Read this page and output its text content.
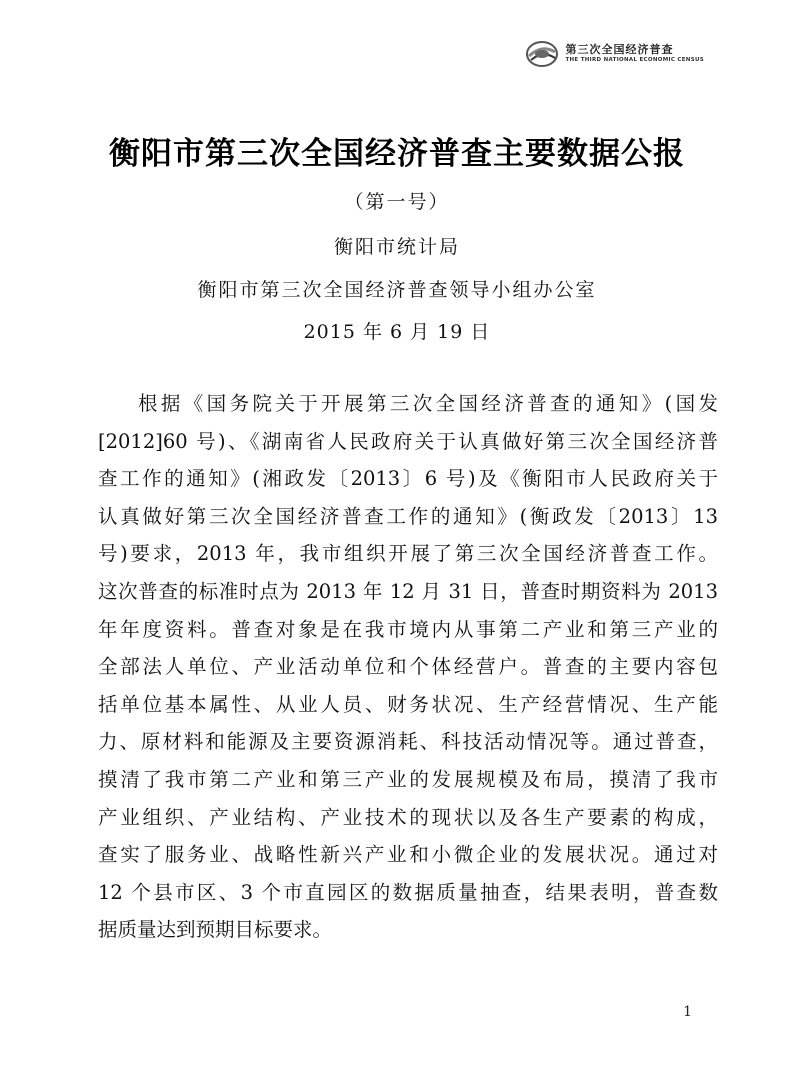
第三次全国经济普查
THE THIRD NATIONAL ECONOMIC CENSUS
衡阳市第三次全国经济普查主要数据公报
（第一号）
衡阳市统计局
衡阳市第三次全国经济普查领导小组办公室
2015 年 6 月 19 日
根据《国务院关于开展第三次全国经济普查的通知》(国发
[2012]60 号)、《湖南省人民政府关于认真做好第三次全国经济普
查工作的通知》(湘政发〔2013〕6 号)及《衡阳市人民政府关于
认真做好第三次全国经济普查工作的通知》(衡政发〔2013〕13
号)要求，2013 年，我市组织开展了第三次全国经济普查工作。
这次普查的标准时点为 2013 年 12 月 31 日，普查时期资料为 2013
年年度资料。普查对象是在我市境内从事第二产业和第三产业的
全部法人单位、产业活动单位和个体经营户。普查的主要内容包
括单位基本属性、从业人员、财务状况、生产经营情况、生产能
力、原材料和能源及主要资源消耗、科技活动情况等。通过普查，
摸清了我市第二产业和第三产业的发展规模及布局，摸清了我市
产业组织、产业结构、产业技术的现状以及各生产要素的构成，
查实了服务业、战略性新兴产业和小微企业的发展状况。通过对
12 个县市区、3 个市直园区的数据质量抽查，结果表明，普查数
据质量达到预期目标要求。
1
